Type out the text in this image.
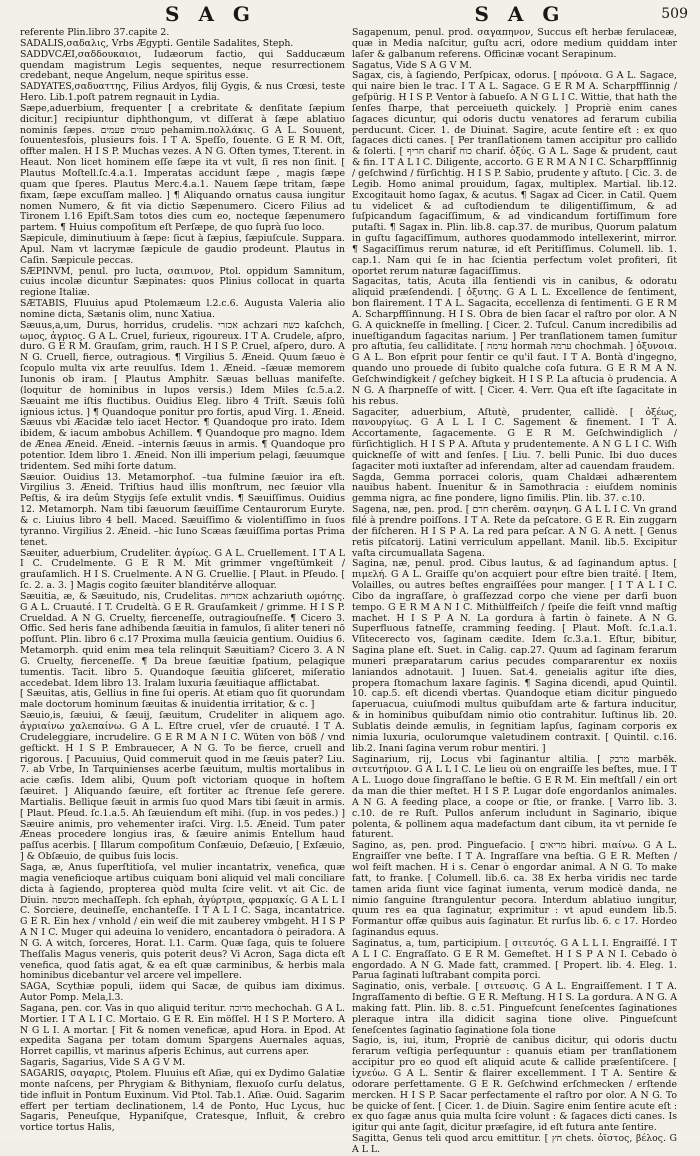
S A G	S A G	509

referente Plin.libro 37.capite 2.

SADALIS,σαδαλις, Vrbs Ægypti. Gentile Sadalites, Steph.

SADDVCÆI,σαδδουκαιοι, Iudæorum factio, qui Sadducæum quendam magistrum Legis sequentes, neque resurrectionem credebant, neque Angelum, neque spiritus esse.

SADYATES,σαδυαττης, Filius Ardyos, filij Gygis, & nus Crœsi, teste Hero. Lib.1.poſt patrem regnauit in Lydia.

Sæpe,aduerbium, frequenter [ a crebritate & denſitate ſæpium dicitur.] recipiuntur diphthongum, vt diſſerat à ſæpe ablatiuo nominis ſæpes. סעמים פעמים pehamim.πολλάκις. G A L. Souuent, ſouuentesfois, plusieurs fois. I T A. Speſſo, ſouente. G E R M. Oft, offter malen. H I S P. Muchas vezes. A N G. Often tymes, T.terent. in Heaut. Non licet hominem eſſe ſæpe ita vt vult, ſi res non ſinit. [ Plautus Moſtell.ſc.4.a.1. Imperatas accidunt ſæpe , magis ſæpe quam que ſperes. Plautus Merc.4.a.1. Nauem ſæpe tritam, ſæpe fixam, ſæpe excuſſam malleo. ] ¶ Aliquando ornatus causa iungitur nomen Numero, & fit via dictio Sæpenumero. Cicero Filius ad Tironem l.16 Epiſt.Sam totos dies cum eo, nocteque ſæpenumero partem. ¶ Huius compoſitum eſt Perſæpe, de quo ſuprà ſuo loco.

Sæpicule, diminutiuum à ſæpe: ſicut à ſæpius, ſæpiuſcule. Suppara. Apul. Nam vt lacrymæ ſæpicule de gaudio prodeunt. Plautus in Caſin. Sæpicule peccas.

SÆPINVM, penul. pro lucta, σαιπινον, Ptol. oppidum Samnitum, cuius incolæ dicuntur Sæpinates: quos Plinius collocat in quarta regione Italiæ.

SÆTABIS, Fluuius apud Ptolemæum l.2.c.6. Augusta Valeria alio nomine dicta, Sætanis olim, nunc Xatiua.

Sæuus,a,um, Durus, horridus, crudelis. אכזרי achzari כשח kaſchch, ωμος, ἀγριος. G A L. Cruel, furieux, rigoureux. I T A. Crudele, aſpro, duro. G E R M. Grauſam, grim, rauch. H I S P. Cruel, aſpero, duro. A N G. Cruell, fierce, outragious. ¶ Virgilius 5. Æneid. Quum ſæuo è ſcopulo multa vix arte reuulſus. Idem 1. Æneid. –ſæuæ memorem Iunonis ob iram. [ Plautus Amphitr. Sæuas belluas manifeſte. (loquitur de hominibus in lupos versis.) Idem Miles ſc.5.a.2. Sæuaint me iſtis fluctibus. Ouidius Eleg. libro 4 Triſt. Sæuis ſolū ignious ictus. ] ¶ Quandoque ponitur pro fortis, apud Virg. 1. Æneid. Sæuus vbi Æacidæ telo iacet Hector. ¶ Quandoque pro irato. Idem ibidem, & iacum ambobus Achillem. ¶ Quandoque pro magno. Idem de Ænea Æneid. Æneid. –internis ſæuus in armis. ¶ Quandoque pro potentior. Idem libro 1. Æneid. Non illi imperium pelagi, ſæuumque tridentem. Sed mihi ſorte datum.

Sæuior. Ouidius 13. Metamorphoſ. –tua fulmine ſæuior ira eſt. Virgilius 3. Æneid. Triſtius haud illis monſtrum, nec ſæuior vlla Peſtis, & ira deûm Stygijs ſeſe extulit vndis. ¶ Sæuiſſimus. Ouidius 12. Metamorph. Nam tibi ſæuorum ſæuiſſime Centaurorum Euryte. & c. Liuius libro 4 bell. Maced. Sæuiſſimo & violentiſſimo in ſuos tyranno. Virgilius 2. Æneid. –hic Iuno Scæas ſæuiſſima portas Prima tenet.

Sæuiter, aduerbium, Crudeliter. ἀγρίως. G A L. Cruellement. I T A L I C. Crudelmente. G E R M. Mit grimmer vngeſtümkeit / grauſamlich. H I S. Cruelmente. A N G. Cruellie. [ Plaut. in Pſeudo. [ ſc. 2. a. 3. ] Magis cogito ſæuiter blanditérve alloquar.

Sæuitia, æ, & Sæuitudo, nis, Crudelitas. אכזריות achzariuth ωμότης. G A L. Cruauté. I T. Crudeltà. G E R. Grauſamkeit / grimme. H I S P. Crueldad. A N G. Cruelty, fierceneſſe, outragiouſneſſe. ¶ Cicero 3. Offic. Sed heris fane adhibenda ſæuitia in famulos, ſi aliter teneri nō poſſunt. Plin. libro 6 c.17 Proxima mulla ſæuicia gentium. Ouidius 6. Metamorph. quid enim mea tela relinquit Sæuitiam? Cicero 3. A N G. Cruelty, fierceneſſe. ¶ Da breue ſæuitiæ ſpatium, pelagique tumentis. Tacit. libro 5. Quandoque ſæuitia gliſceret, miſeratio accedebat. Idem libro 13. Iralam luxuria ſæuitiaque afflictabat.

[ Sæuitas, atis, Gellius in fine ſui operis. At etiam quo ſit quorundam male doctorum hominum ſæuitas & inuidentia irritatior, & c. ]

Sæuio,is, ſæuiui, & ſæuij, ſæuitum, Crudeliter in aliquem ago. ἀγριαίνω χαλεπαίνω. G A L. Eſtre cruel, vſer de cruauté. I T A. Crudeleggiare, incrudelire. G E R M A N I C. Wüten von böß / vnd geſtickt. H I S P. Embrauecer, A N G. To be fierce, cruell and rigorous. [ Pacuuius, Quid commeruit quod in me ſæuis pater? Liu. 7. ab Vrbe, In Tarquinienses acerbe ſæuitum, multis mortalibus in acie cæſis. Idem alibi, Quum poſt victoriam quoque in hoſtem ſæuiret. ] Aliquando ſæuire, eſt fortiter ac ſtrenue ſeſe gerere. Martialis. Bellique ſæuit in armis ſuo quod Mars tibi ſæuit in armis. [ Plaut. Pſeud. ſc.1.a.5. Ah ſæuiendum eſt mihi. (ſup. in vos pedes.) ] Sæuire animis, pro vehementer iraſci. Virg. l.5. Æneid. Tum pater Æneas procedere longius iras, & ſæuire animis Entellum haud paſſus acerbis. [ Illarum compoſitum Conſæuio, Deſæuio, [ Exſæuio, ] & Obſæuio, de quibus ſuis locis.

Saga, æ, Anus ſuperſtitioſa, vel mulier incantatrix, venefica, quæ magia veneficioque artibus cuiquam boni aliquid vel mali conciliare dicta à ſagiendo, propterea quòd multa ſcire velit. vt ait Cic. de Diuin. מכשפה mechaſſeph. ſch ephah, ἀγύρτρια, φαρμακίς. G A L L I C. Sorciere, deuineſſe, enchanteſſe. I T A L I C. Saga, incantatrice. G E R. Ein hex / vnhold / ein weiſ die mit zauberey vmbgeht. H I S P A N I C. Muger qui adeuina lo venidero, encantadora ò peiradora. A N G. A witch, ſorceres, Horat. l.1. Carm. Quæ ſaga, quis te ſoluere Theſſalis Magus veneris, quis poterit deus? Vi Acron, Saga dicta eſt venefica, quod ſatis agat, & ea eſt quæ carminibus, & herbis mala hominibus dicebantur vel arcere vel impellere.

SAGA, Scythiæ populi, iidem qui Sacæ, de quibus iam diximus. Autor Pomp. Mela,l.3.

Sagana, pen. cor. Vas in quo aliquid teritur. מדוכה mechochah. G A L. Mortier. I T A L I C. Mortaio. G E R. Ein möſſel. H I S P. Mortero. A N G L I. A mortar. [ Fit & nomen veneficæ, apud Hora. in Epod. At expedita Sagana per totam domum Spargens Auernales aquas, Horret capillis, vt marinus aſperis Echinus, aut currens aper.

Sagaris, Sagarius, Vide S A G V M.

SAGARIS, σαγαρις, Ptolem. Fluuius eſt Aſiæ, qui ex Dydimo Galatiæ monte naſcens, per Phrygiam & Bithyniam, flexuoſo curſu delatus, tide influit in Pontum Euxinum. Vid Ptol. Tab.1. Aſiæ. Ouid. Sagarim effert per tertiam declinationem, l.4 de Ponto, Huc Lycus, huc Sagaris, Peneuſque, Hypaniſque, Cratesque, Influit, & crebro vortice tortus Halis,

Sagapenum, penul. prod. σαγαπηνον, Succus eſt herbæ ferulaceæ, quæ in Media naſcitur, guſtu acri, odore medium quiddam inter laſer & galbanum referens. Officinæ vocant Serapinum.

Sagatus, Vide S A G V M.

Sagax, cis, à ſagiendo, Perſpicax, odorus. [ πρόνοια. G A L. Sagace, qui naire bien le trac. I T A L. Sagace. G E R M A. Scharpffſinnig / geſpürig. H I S P. Ventor à ſabueſo. A N G L I C. Wittie, that hath the ſenſes ſharpe, that perceiueth quickely. ] Propriè enim canes ſagaces dicuntur, qui odoris ductu venatores ad ferarum cubilia perducunt. Cicer. 1. de Diuinat. Sagire, acute ſentire eſt : ex quo ſagaces dicti canes. [ Per tranſlationem tamen accipitur pro callido & ſolerti. [ חריף charif כוח charif. ὀξύς. G A L. Sage & prudent, caut & fin. I T A L I C. Diligente, accorto. G E R M A N I C. Scharpffſinnig / geſchwind / fürſichtig. H I S P. Sabio, prudente y aſtuto. [ Cic. 3. de Legib. Homo animal prouidum, ſagax, multiplex. Martial. lib.12. Excogitauit homo ſagax, & acutus. ¶ Sagax ad Cicer. in Catil. Quem tu videlicet & ad cuſtodiendum te diligentiſſimum, & ad ſuſpicandum ſagaciſſimum, & ad vindicandum fortiſſimum fore putaſti. ¶ Sagax in. Plin. lib.8. cap.37. de muribus, Quorum palatum in guſtu ſagaciſſimum, authores quodammodo intellexerint, mirror. ¶ Sagaciſſimus rerum naturæ, id eſt Peritiſſimus. Columell. lib. 1. cap.1. Nam qui ſe in hac ſcientia perfectum volet profiteri, ſit oportet rerum naturæ ſagaciſſimus.

Sagacitas, tatis, Acuta illa ſentiendi vis in canibus, & odoratu aliquid præſendendi. [ ὀξυτης. G A L L. Excellence de ſentiment, bon flairement. I T A L. Sagacita, eccellenza di ſentimenti. G E R M A. Scharpffſinnung. H I S. Obra de bien ſacar el raſtro por olor. A N G. A quickneſſe in ſmelling. [ Cicer. 2. Tuſcul. Canum incredibilis ad inueſtigandum ſagacitas narium. ] Per tranſlationem tamen ſumitur pro aſtutia, ſeu calliditate. [ ערמה hormah ערמה chochmah. ] ὀξυνοια. G A L. Bon eſprit pour ſentir ce qu'il faut. I T A. Bontà d'ingegno, quando uno prouede di ſubito qualche coſa futura. G E R M A N. Geſchwindigkeit / geſchey bigkeit. H I S P. La aſtucia ò prudencia. A N G. A ſharpneſſe of witt. [ Cicer. 4. Verr. Qua eſt iſte ſagacitate in his rebus.

Sagaciter, aduerbium, Aſtutè, prudenter, callidè. [ ὀξέως, πανουργίως. G A L L I C. Sagement & finement. I T A. Accortamente, ſagacemente. G E R M. Geſchwindiglich / fürſichtiglich. H I S P A. Aſtuta y prudentemente. A N G L I C. Wiſh quickneſſe of witt and ſenſes. [ Liu. 7. belli Punic. Ibi duo duces ſagaciter moti iuxtaſter ad inferendam, alter ad cauendam fraudem.

Sagda, Gemma porracei coloris, quam Chaldæi adhærentem nauibus habent. Inuenitur & in Samothracia : eiuſdem nominis gemma nigra, ac fine pondere, ligno ſimilis. Plin. lib. 37. c.10.

Sagena, næ, pen. prod. [ חרם cherēm. σαγηνη. G A L L I C. Vn grand filé à prendre poiſſons. I T A. Rete da peſcatore. G E R. Ein zuggarn der fiſcheren. H I S P A. La red para peſcar. A N G. A nett. [ Genus retis piſcatorij. Latini verriculum appellant. Manil. lib.5. Excipitur vaſta circumuallata Sagena.

Sagina, næ, penul. prod. Cibus lautus, & ad ſaginandum aptus. [ πιμελή. G A L. Graiſſe qu'on acquiert pour eſtre bien traité. [ Item, Volailles, ou autres beſtes engraiſſées pour manger. [ I T A L I C. Cibo da ingraſſare, ò graſſezzad corpo che viene per darſi buon tempo. G E R M A N I C. Mithülffeiſch / ſpeiſe die feiſt vnnd maſtig machet. H I S P A N. La gordura à fartin ò fainete. A N G. Superfluous fatneſſe, cramming feeding. [ Plaut. Moſt. ſc.1.a.1. Vſitecerecto vos, ſaginam cædite. Idem ſc.3.a.1. Eſtur, bibitur, Sagina plane eſt. Suet. in Calig. cap.27. Quum ad ſaginam ferarum muneri præparatarum carius pecudes compararentur ex noxiis laniandos adnotauit. ] Iuuen. Sat.4. geneialis agitur iſte dies, propera ſtomachum laxare ſaginis. ¶ Sagina dicendi, apud Quintil. 10. cap.5. eſt dicendi vbertas. Quandoque etiam dicitur pinguedo ſaperuacua, cuiuſmodi multus quibuſdam arte & fartura inducitur, & in hominibus quibuſdam nimio otio contrahitur. Iuſtinus lib. 20. Sublatis deinde æmulis, in ſegnitiam lapſus, ſaginam corporis ex nimia luxuria, oculorumque valetudinem contraxit. [ Quintil. c.16. lib.2. Inani ſagina verum robur mentiri. ]

Saginarium, rij, Locus vbi ſaginantur altilia. [ מרבק marbēk. σιτευτήριον. G A L L I C. Le lieu où on engraiſſe les beſtes, mue. I T A L. Luogo doue ſingraſſano le beſtie. G E R M. Ein meſtſall / ein ort da man die thier meſtet. H I S P. Lugar doſe engordanlos animales. A N G. A feeding place, a coope or ſtie, or franke. [ Varro lib. 3. c.10. de re Ruſt. Pullos anſerum includunt in Saginario, ibique polenta, & pollinem aqua madefactum dant cibum, ita vt pernide ſe faturent.

Sagino, as, pen. prod. Pinguefacio. [ מריאים hibri. πιαίνω. G A L. Engraiſſer vne beſte. I T A. Ingraſſare vna beſtia. G E R. Meſten / wol feiſt machen. H i s. Cenar ò engordar animal. A N G. To make fatt, to franke. [ Columell. lib.6. ca. 38 Ex herba viridis nec tarde tamen arida ſiunt vice ſaginat iumenta, verum modicè danda, ne nimio ſanguine ſtrangulentur pecora. Interdum ablatiuo iungitur, quum res ea qua ſaginatur, exprimitur : vt apud eundem lib.5. Formantur offæ quibus auis ſaginatur. Et rurſus lib. 6. c 17. Hordeo ſaginandus equus.

Saginatus, a, tum, participium. [ σιτευτός. G A L L I. Engraiſſé. I T A L I C. Engraſſato. G E R M. Gemeſtet. H I S P A N I. Cebado ò engordado. A N G. Made fatt, crammed. [ Propert. lib. 4. Eleg. 1. Parua ſaginati luſtrabant compita porci.

Saginatio, onis, verbale. [ σιτευσις. G A L. Engraiſſement. I T A. Ingraſſamento di beſtie. G E R. Meſtung. H I S. La gordura. A N G. A making fatt. Plin. lib. 8. c.51. Pinguefcunt ſeneſcentes ſaginationes pleraque intra illa didicit sagina tione olive. Pingueſcunt ſeneſcentes ſaginatio ſaginatione ſola tione

Sagio, is, iui, itum, Propriè de canibus dicitur, qui odoris ductu ferarum veſtigia perſequuntur : quanuis etiam per tranſlationem accipitur pro eo quod eſt aliquid acute & callide præſentiſcere. [ ἰχνεύω. G A L. Sentir & flairer excellemment. I T A. Sentire & odorare perfettamente. G E R. Geſchwind erſchmecken / erſtende mercken. H I S P. Sacar perfectamente el raſtro por olor. A N G. To be quicke of ſent. [ Cicer. 1. de Diuin. Sagire enim ſentire acute eſt : ex quo ſagæ anus quia multa ſcire volunt : & ſagaces dicti canes. Is igitur qui ante ſagit, dicitur præſagire, id eſt futura ante ſentire.

Sagitta, Genus teli quod arcu emittitur. [ חץ chets. ὀϊστος, βέλος. G A L L.
